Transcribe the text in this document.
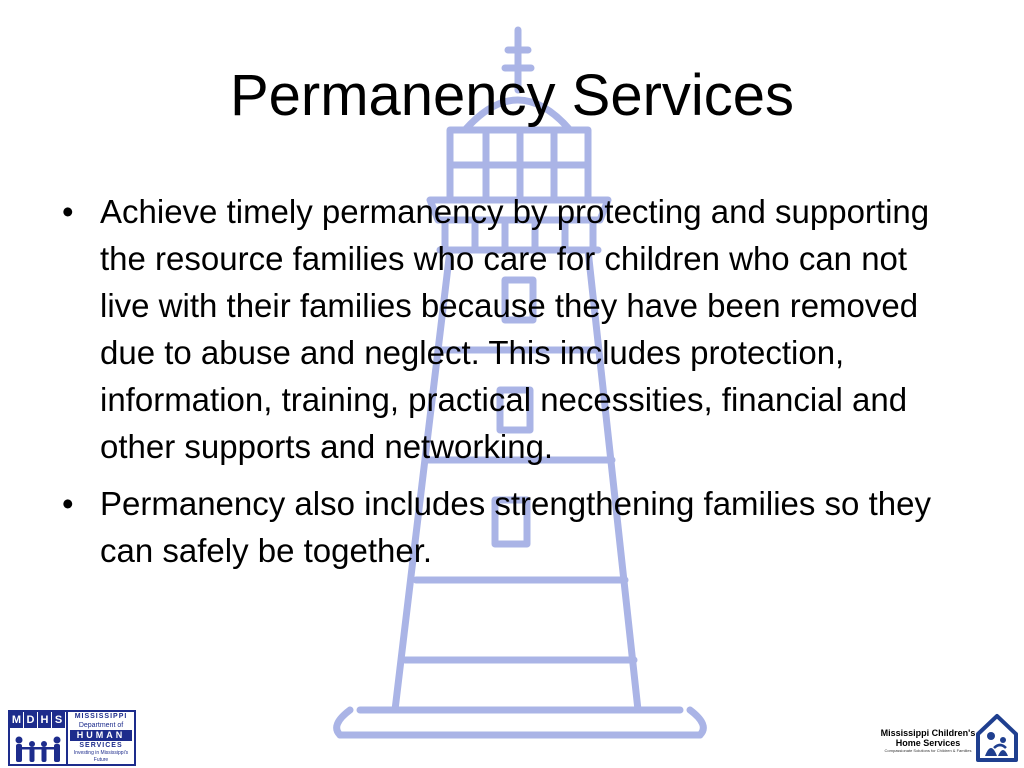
Permanency Services
• Achieve timely permanency by protecting and supporting the resource families who care for children who can not live with their families because they have been removed due to abuse and neglect. This includes protection, information, training, practical necessities, financial and other supports and networking.
• Permanency also includes strengthening families so they can safely be together.
M D H S	MISSISSIPPI
Department of
HUMAN
SERVICES
Investing in Mississippi's Future
Mississippi Children's
Home Services
Compassionate Solutions for Children & Families
